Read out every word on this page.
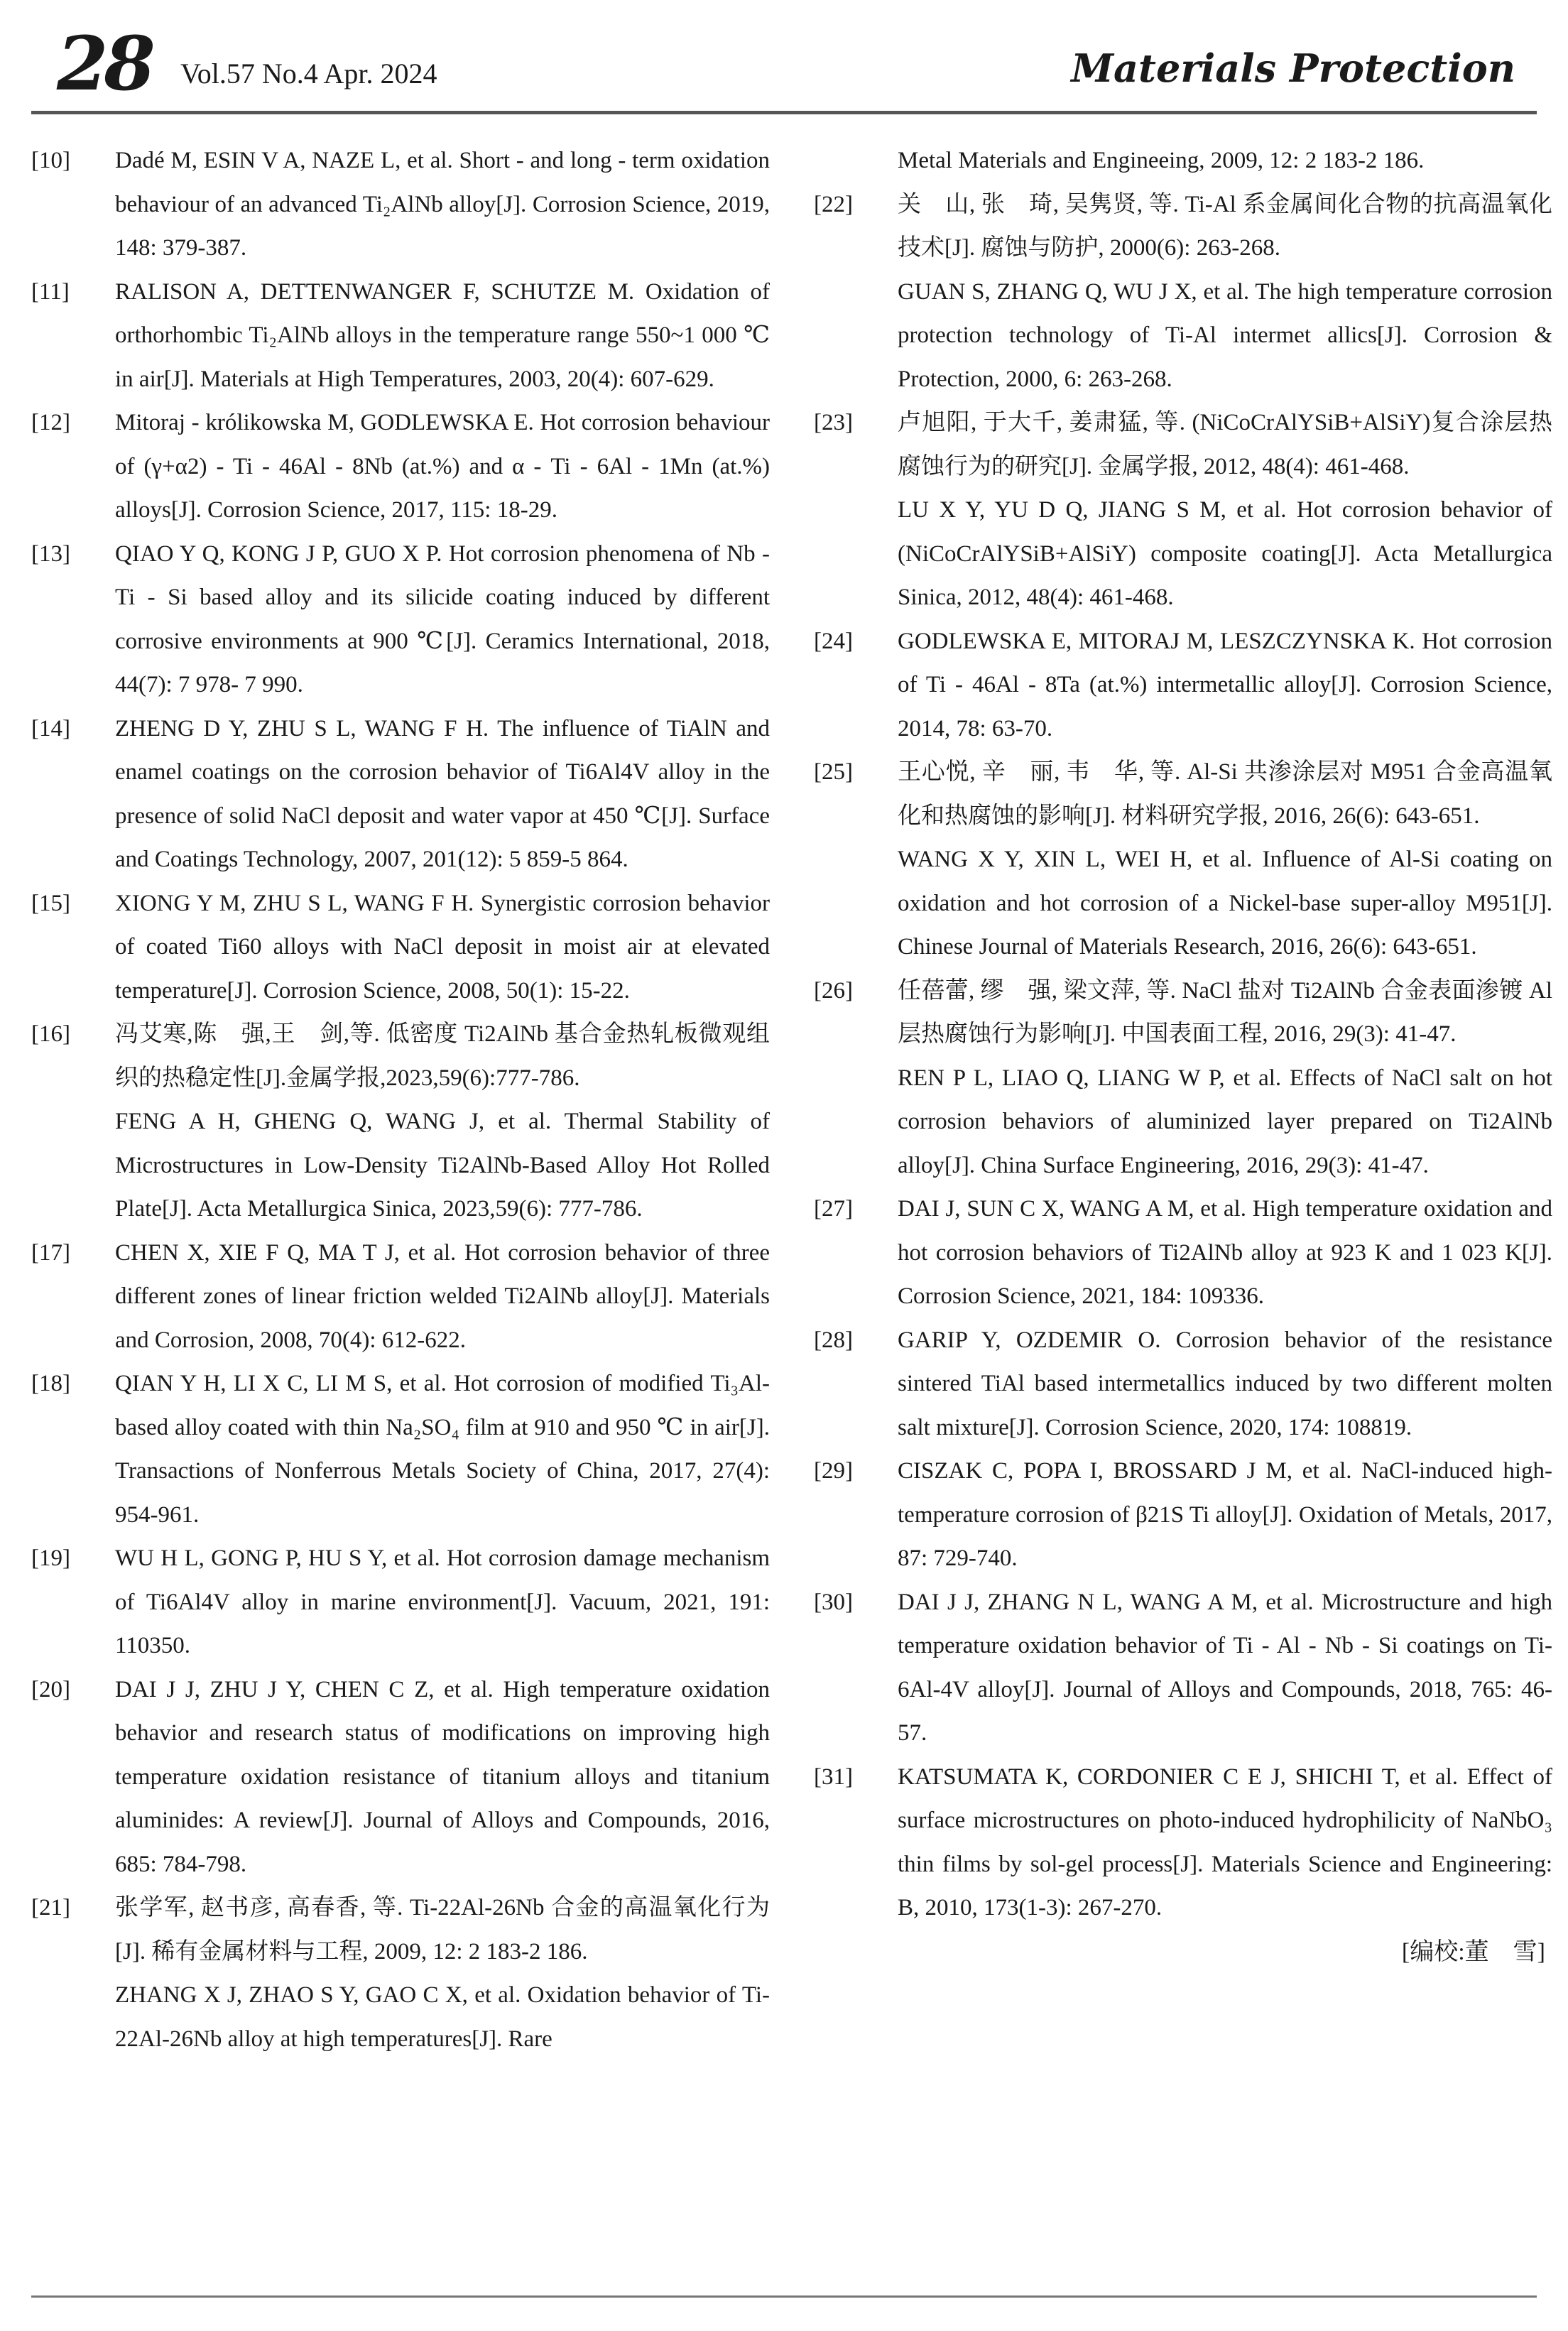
28 Vol.57 No.4 Apr. 2024	Materials Protection
[10]	Dadé M, ESIN V A, NAZE L, et al. Short - and long - term oxidation behaviour of an advanced Ti₂AlNb alloy[J]. Corrosion Science, 2019, 148: 379-387.
[11]	RALISON A, DETTENWANGER F, SCHUTZE M. Oxidation of orthorhombic Ti₂AlNb alloys in the temperature range 550~1 000 ℃ in air[J]. Materials at High Temperatures, 2003, 20(4): 607-629.
[12]	Mitoraj - królikowska M, GODLEWSKA E. Hot corrosion behaviour of (γ+α2) - Ti - 46Al - 8Nb (at.%) and α - Ti - 6Al - 1Mn (at.%) alloys[J]. Corrosion Science, 2017, 115: 18-29.
[13]	QIAO Y Q, KONG J P, GUO X P. Hot corrosion phenomena of Nb - Ti - Si based alloy and its silicide coating induced by different corrosive environments at 900 ℃[J]. Ceramics International, 2018, 44(7): 7 978- 7 990.
[14]	ZHENG D Y, ZHU S L, WANG F H. The influence of TiAlN and enamel coatings on the corrosion behavior of Ti6Al4V alloy in the presence of solid NaCl deposit and water vapor at 450 ℃[J]. Surface and Coatings Technology, 2007, 201(12): 5 859-5 864.
[15]	XIONG Y M, ZHU S L, WANG F H. Synergistic corrosion behavior of coated Ti60 alloys with NaCl deposit in moist air at elevated temperature[J]. Corrosion Science, 2008, 50(1): 15-22.
[16]	冯艾寒,陈　强,王　剑,等. 低密度 Ti2AlNb 基合金热轧板微观组织的热稳定性[J].金属学报,2023,59(6):777-786.
FENG A H, GHENG Q, WANG J, et al. Thermal Stability of Microstructures in Low-Density Ti2AlNb-Based Alloy Hot Rolled Plate[J]. Acta Metallurgica Sinica, 2023,59(6): 777-786.
[17]	CHEN X, XIE F Q, MA T J, et al. Hot corrosion behavior of three different zones of linear friction welded Ti2AlNb alloy[J]. Materials and Corrosion, 2008, 70(4): 612-622.
[18]	QIAN Y H, LI X C, LI M S, et al. Hot corrosion of modified Ti₃Al-based alloy coated with thin Na₂SO₄ film at 910 and 950 ℃ in air[J]. Transactions of Nonferrous Metals Society of China, 2017, 27(4): 954-961.
[19]	WU H L, GONG P, HU S Y, et al. Hot corrosion damage mechanism of Ti6Al4V alloy in marine environment[J]. Vacuum, 2021, 191: 110350.
[20]	DAI J J, ZHU J Y, CHEN C Z, et al. High temperature oxidation behavior and research status of modifications on improving high temperature oxidation resistance of titanium alloys and titanium aluminides: A review[J]. Journal of Alloys and Compounds, 2016, 685: 784-798.
[21]	张学军, 赵书彦, 高春香, 等. Ti-22Al-26Nb 合金的高温氧化行为[J]. 稀有金属材料与工程, 2009, 12: 2 183-2 186.
ZHANG X J, ZHAO S Y, GAO C X, et al. Oxidation behavior of Ti-22Al-26Nb alloy at high temperatures[J]. Rare
Metal Materials and Engineeing, 2009, 12: 2 183-2 186.
[22]	关　山, 张　琦, 吴隽贤, 等. Ti-Al 系金属间化合物的抗高温氧化技术[J]. 腐蚀与防护, 2000(6): 263-268.
GUAN S, ZHANG Q, WU J X, et al. The high temperature corrosion protection technology of Ti-Al intermet allics[J]. Corrosion & Protection, 2000, 6: 263-268.
[23]	卢旭阳, 于大千, 姜肃猛, 等. (NiCoCrAlYSiB+AlSiY)复合涂层热腐蚀行为的研究[J]. 金属学报, 2012, 48(4): 461-468.
LU X Y, YU D Q, JIANG S M, et al. Hot corrosion behavior of (NiCoCrAlYSiB+AlSiY) composite coating[J]. Acta Metallurgica Sinica, 2012, 48(4): 461-468.
[24]	GODLEWSKA E, MITORAJ M, LESZCZYNSKA K. Hot corrosion of Ti - 46Al - 8Ta (at.%) intermetallic alloy[J]. Corrosion Science, 2014, 78: 63-70.
[25]	王心悦, 辛　丽, 韦　华, 等. Al-Si 共渗涂层对 M951 合金高温氧化和热腐蚀的影响[J]. 材料研究学报, 2016, 26(6): 643-651.
WANG X Y, XIN L, WEI H, et al. Influence of Al-Si coating on oxidation and hot corrosion of a Nickel-base super-alloy M951[J]. Chinese Journal of Materials Research, 2016, 26(6): 643-651.
[26]	任蓓蕾, 缪　强, 梁文萍, 等. NaCl 盐对 Ti2AlNb 合金表面渗镀 Al 层热腐蚀行为影响[J]. 中国表面工程, 2016, 29(3): 41-47.
REN P L, LIAO Q, LIANG W P, et al. Effects of NaCl salt on hot corrosion behaviors of aluminized layer prepared on Ti2AlNb alloy[J]. China Surface Engineering, 2016, 29(3): 41-47.
[27]	DAI J, SUN C X, WANG A M, et al. High temperature oxidation and hot corrosion behaviors of Ti2AlNb alloy at 923 K and 1 023 K[J]. Corrosion Science, 2021, 184: 109336.
[28]	GARIP Y, OZDEMIR O. Corrosion behavior of the resistance sintered TiAl based intermetallics induced by two different molten salt mixture[J]. Corrosion Science, 2020, 174: 108819.
[29]	CISZAK C, POPA I, BROSSARD J M, et al. NaCl-induced high-temperature corrosion of β21S Ti alloy[J]. Oxidation of Metals, 2017, 87: 729-740.
[30]	DAI J J, ZHANG N L, WANG A M, et al. Microstructure and high temperature oxidation behavior of Ti - Al - Nb - Si coatings on Ti-6Al-4V alloy[J]. Journal of Alloys and Compounds, 2018, 765: 46-57.
[31]	KATSUMATA K, CORDONIER C E J, SHICHI T, et al. Effect of surface microstructures on photo-induced hydrophilicity of NaNbO₃ thin films by sol-gel process[J]. Materials Science and Engineering: B, 2010, 173(1-3): 267-270.
[编校:董　雪]
